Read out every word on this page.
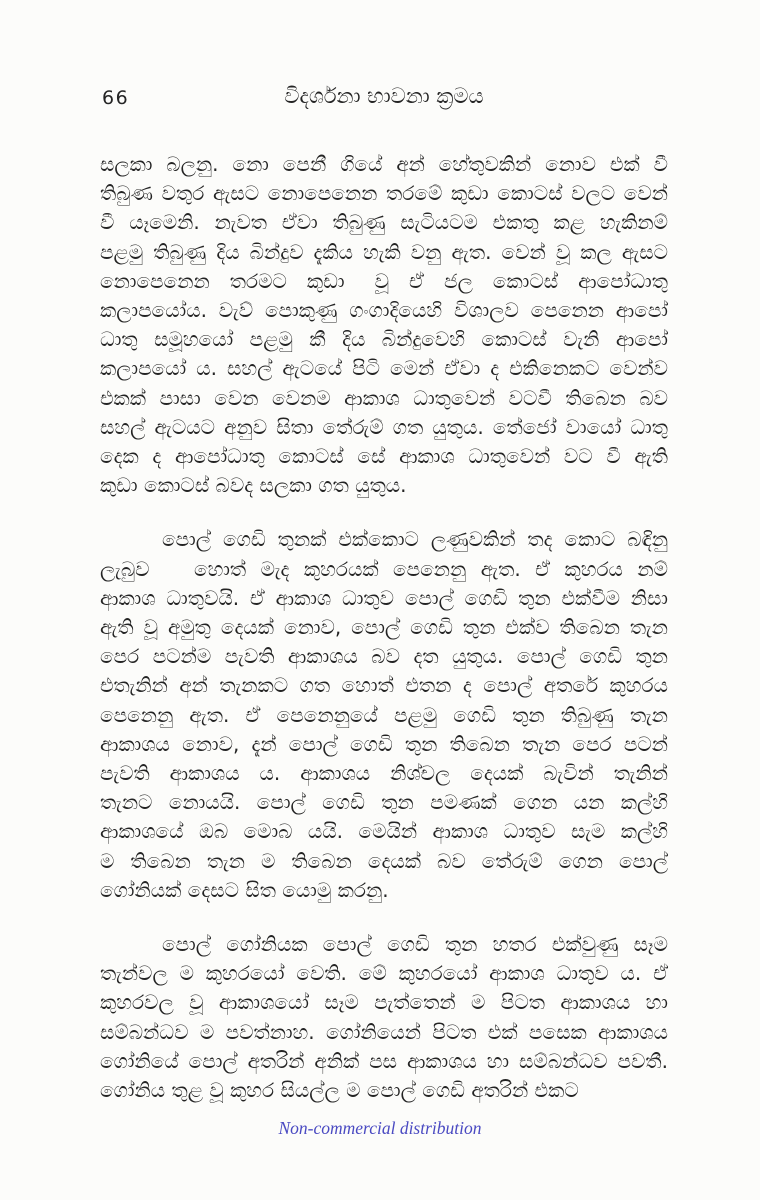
66	විදර්ශනා භාවනා ක්‍රමය
සලකා බලනු. නො පෙනී ගියේ අන් හේතුවකින් නොව එක් වී
තිබුණ වතුර ඇසට නොපෙනෙන තරමේ කුඩා කොටස් වලට වෙන්
වී යෑමෙනි. නැවත ඒවා තිබුණු සැටියටම එකතු කළ හැකිනම්
පළමු තිබුණු දිය බින්දුව දැකිය හැකි වනු ඇත. වෙන් වූ කල ඇසට
නොපෙනෙන තරමට කුඩා  වූ ඒ ජල කොටස් ආපෝධාතු
කලාපයෝය. වැව් පොකුණු ගංගාදියෙහි විශාලව පෙනෙන ආපෝ
ධාතු සමූහයෝ පළමු කී දිය බින්දුවෙහි කොටස් වැනි ආපෝ
කලාපයෝ ය. සහල් ඇටයේ පිටි මෙන් ඒවා ද එකිනෙකට වෙන්ව
එකක් පාසා වෙන වෙනම ආකාශ ධාතුවෙන් වටවී තිබෙන බව
සහල් ඇටයට අනුව සිතා තේරුම් ගත යුතුය. තේජෝ වායෝ ධාතු
දෙක ද ආපෝධාතු කොටස් සේ ආකාශ ධාතුවෙන් වට වී ඇති
කුඩා කොටස් බවද සලකා ගත යුතුය.
පොල් ගෙඩි තුනක් එක්කොට ලණුවකින් තද කොට බඳිනු
ලැබුව   හොත් මැද කුහරයක් පෙනෙනු ඇත. ඒ කුහරය නම්
ආකාශ ධාතුවයි. ඒ ආකාශ ධාතුව පොල් ගෙඩි තුන එක්වීම නිසා
ඇති වූ අමුතු දෙයක් නොව, පොල් ගෙඩි තුන එක්ව තිබෙන තැන
පෙර පටන්ම පැවති ආකාශය බව දත යුතුය. පොල් ගෙඩි තුන
එතැනින් අන් තැනකට ගත හොත් එතන ද පොල් අතරේ කුහරය
පෙනෙනු ඇත. ඒ පෙනෙනුයේ පළමු ගෙඩි තුන තිබුණු තැන
ආකාශය නොව, දැන් පොල් ගෙඩි තුන තිබෙන තැන පෙර පටන්
පැවති ආකාශය ය. ආකාශය නිශ්චල දෙයක් බැවින් තැනින්
තැනට නොයයි. පොල් ගෙඩි තුන පමණක් ගෙන යන කල්හි
ආකාශයේ ඔබ මොබ යයි. මෙයින් ආකාශ ධාතුව සැම කල්හි
ම තිබෙන තැන ම තිබෙන දෙයක් බව තේරුම් ගෙන පොල්
ගෝනියක් දෙසට සිත යොමු කරනු.
පොල් ගෝනියක පොල් ගෙඩි තුන හතර එක්වුණු සෑම
තැන්වල ම කුහරයෝ වෙති. මේ කුහරයෝ ආකාශ ධාතුව ය. ඒ
කුහරවල වූ ආකාශයෝ සෑම පැත්තෙන් ම පිටත ආකාශය හා
සම්බන්ධව ම පවත්නාහ. ගෝනියෙන් පිටත එක් පසෙක ආකාශය
ගෝනියේ පොල් අතරින් අනික් පස ආකාශය හා සම්බන්ධව පවතී.
ගෝනිය තුළ වූ කුහර සියල්ල ම පොල් ගෙඩි අතරින් එකට
Non-commercial distribution
